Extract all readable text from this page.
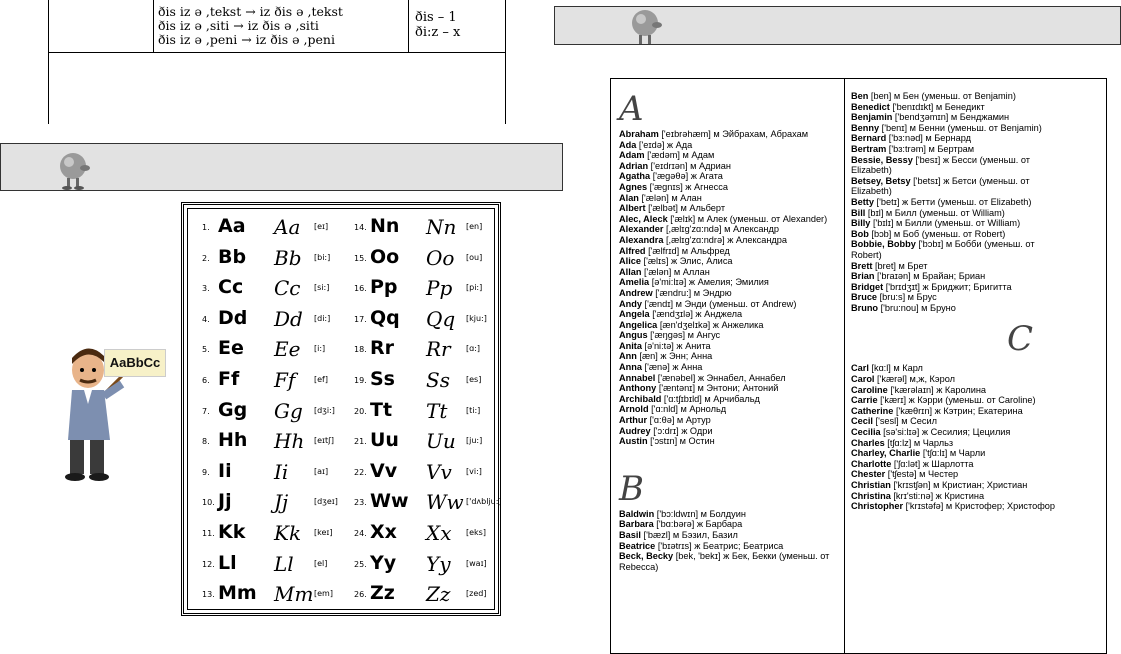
ðis iz ə ,tekst → iz ðis ə ,tekst
ðis iz ə ,siti → iz ðis ə ,siti
ðis iz ə ,peni → iz ðis ə ,peni
ðis – 1
ði:z – x
AaBbCc
1. Aa Aa [eɪ]
2. Bb Bb [bi:]
3. Cc Cc [si:]
4. Dd Dd [di:]
5. Ee Ee [i:]
6. Ff Ff [ef]
7. Gg Gg [dʒi:]
8. Hh Hh [eɪtʃ]
9. Ii Ii	[aɪ]
10. Jj Jj	[dʒeɪ]
11. Kk Kk [keɪ]
12. Ll Ll	[el]
13. Mm Mm [em]
14. Nn Nn [en]
15. Oo Oo [ou]
16. Pp Pp [pi:]
17. Qq Qq [kju:]
18. Rr Rr [ɑ:]
19. Ss Ss [es]
20. Tt Tt [ti:]
21. Uu Uu [ju:]
22. Vv Vv [vi:]
23. Ww Ww ['dʌblju:]
24. Xx Xx [eks]
25. Yy Yy [waɪ]
26. Zz Zz [zed]
A
Abraham ['eɪbrəhæm] м Эйбрахам, Абрахам
Ada ['eɪdə] ж Ада
Adam ['ædəm] м Адам
Adrian ['eɪdrɪən] м Адриан
Agatha ['ægəθə] ж Агата
Agnes ['ægnɪs] ж Агнесса
Alan ['ælən] м Алан
Albert ['ælbət] м Альберт
Alec, Aleck ['ælɪk] м Алек (уменьш. от Alexander)
Alexander [,ælɪg'zɑ:ndə] м Александр
Alexandra [,ælɪg'zɑ:ndrə] ж Александра
Alfred ['ælfrɪd] м Альфред
Alice ['ælɪs] ж Элис, Алиса
Allan ['ælən] м Аллан
Amelia [ə'mi:lɪə] ж Амелия; Эмилия
Andrew ['ændru:] м Эндрю
Andy ['ændɪ] м Энди (уменьш. от Andrew)
Angela ['ændʒɪlə] ж Анджела
Angelica [æn'dʒelɪkə] ж Анжелика
Angus ['æŋgəs] м Ангус
Anita [ə'ni:tə] ж Анита
Ann [æn] ж Энн; Анна
Anna ['ænə] ж Анна
Annabel ['ænəbel] ж Эннабел, Аннабел
Anthony ['æntənɪ] м Энтони; Антоний
Archibald ['ɑ:tʃɪbɪld] м Арчибальд
Arnold ['ɑ:nld] м Арнольд
Arthur ['ɑ:θə] м Артур
Audrey ['ɔ:drɪ] ж Одри
Austin ['ɔstɪn] м Остин
B
Baldwin ['bɔ:ldwɪn] м Болдуин
Barbara ['bɑ:bərə] ж Барбара
Basil ['bæzl] м Бэзил, Базил
Beatrice ['bɪətrɪs] ж Беатрис; Беатриса
Beck, Becky [bek, 'bekɪ] ж Бек, Бекки (уменьш. от Rebecca)
Ben [ben] м Бен (уменьш. от Benjamin)
Benedict ['benɪdɪkt] м Бенедикт
Benjamin ['bendʒəmɪn] м Бенджамин
Benny ['benɪ] м Бенни (уменьш. от Benjamin)
Bernard ['bɜ:nəd] м Бернард
Bertram ['bɜ:trəm] м Бертрам
Bessie, Bessy ['besɪ] ж Бесси (уменьш. от Elizabeth)
Betsey, Betsy ['betsɪ] ж Бетси (уменьш. от Elizabeth)
Betty ['betɪ] ж Бетти (уменьш. от Elizabeth)
Bill [bɪl] м Билл (уменьш. от William)
Billy ['bɪlɪ] м Билли (уменьш. от William)
Bob [bɔb] м Боб (уменьш. от Robert)
Bobbie, Bobby ['bɔbɪ] м Бобби (уменьш. от Robert)
Brett [bret] м Брет
Brian ['braɪən] м Брайан; Бриан
Bridget ['brɪdʒɪt] ж Бриджит; Бригитта
Bruce [bru:s] м Брус
Bruno ['bru:nou] м Бруно
C
Carl [kɑ:l] м Карл
Carol ['kærəl] м,ж, Кэрол
Caroline ['kærəlaɪn] ж Каролина
Carrie ['kærɪ] ж Кэрри (уменьш. от Caroline)
Catherine ['kæθrɪn] ж Кэтрин; Екатерина
Cecil ['sesl] м Сесил
Cecilia [sə'si:lɪə] ж Сесилия; Цецилия
Charles [tʃɑ:lz] м Чарльз
Charley, Charlie ['tʃɑ:lɪ] м Чарли
Charlotte ['ʃɑ:lət] ж Шарлотта
Chester ['tʃestə] м Честер
Christian ['krɪstʃən] м Кристиан; Христиан
Christina [krɪ'sti:nə] ж Кристина
Christopher ['krɪstəfə] м Кристофер; Христофор
